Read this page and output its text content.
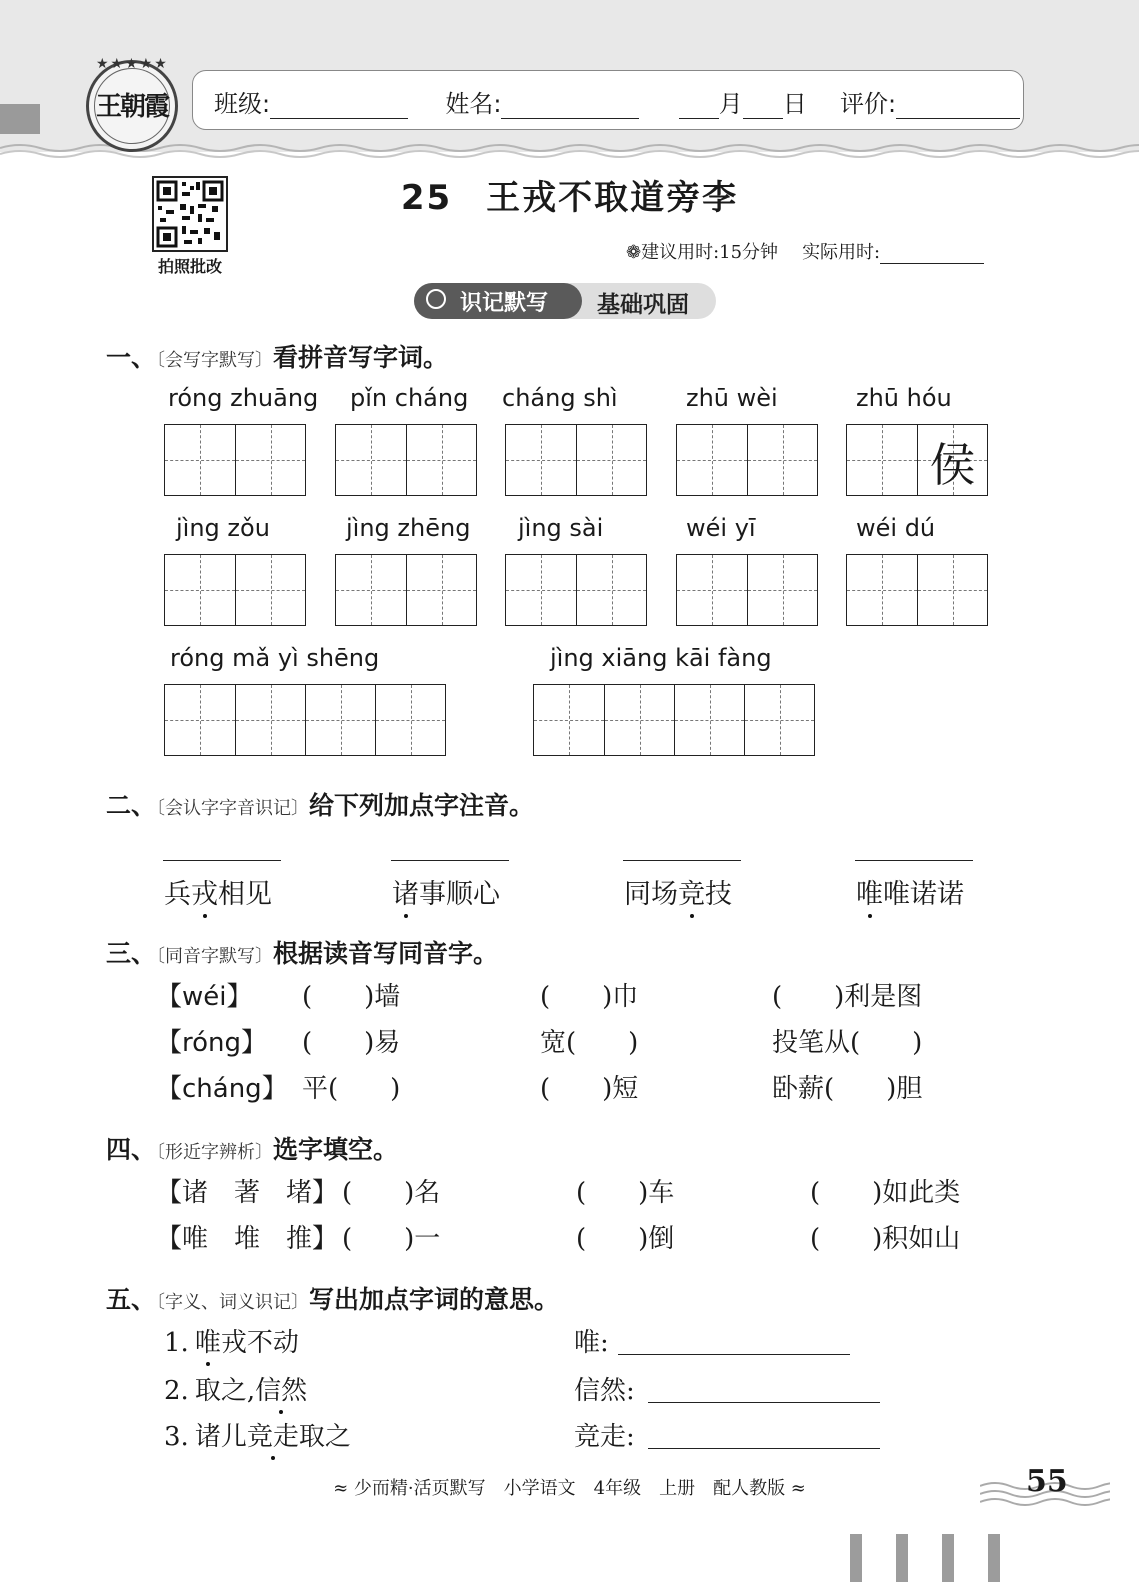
王朝霞
★★★★★
班级:	姓名:	月 日 评价:
拍照批改
25 王戎不取道旁李
❁建议用时:15分钟 实际用时:
识记默写 基础巩固
一、〔会写字默写〕看拼音写字词。
róng zhuāng pǐn cháng cháng shì	zhū wèi	zhū hóu
侯
jìng zǒu	jìng zhēng jìng sài	wéi yī	wéi dú
róng mǎ yì shēng	jìng xiāng kāi fàng
二、〔会认字字音识记〕给下列加点字注音。
兵戎相见	诸事顺心	同场竞技	唯唯诺诺
三、〔同音字默写〕根据读音写同音字。
【wéi】 (　　)墙	(　　)巾	(　　)利是图
【róng】 (　　)易	宽(　　)	投笔从(　　)
【cháng】 平(　　)	(　　)短	卧薪(　　)胆
四、〔形近字辨析〕选字填空。
【诸　著　堵】 (　　)名	(　　)车	(　　)如此类
【唯　堆　推】 (　　)一	(　　)倒	(　　)积如山
五、〔字义、词义识记〕写出加点字词的意思。
1. 唯戎不动	唯:
2. 取之,信然	信然:
3. 诸儿竞走取之	竞走:
≈ 少而精·活页默写　小学语文　4年级　上册　配人教版 ≈	55
